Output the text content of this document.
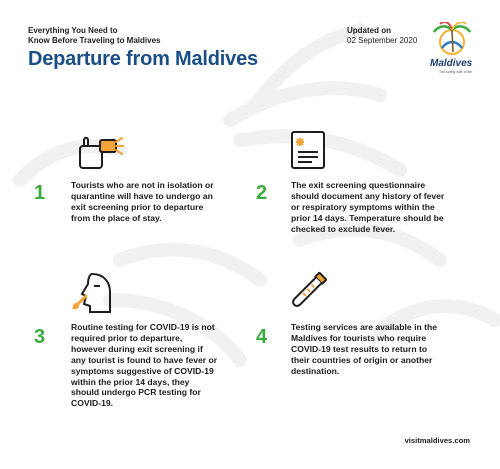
Everything You Need to
Know Before Traveling to Maldives
Departure from Maldives
Updated on
02 September 2020
Maldives
The sunny side of life
1	Tourists who are not in isolation or
quarantine will have to undergo an
exit screening prior to departure
from the place of stay.
2	The exit screening questionnaire
should document any history of fever
or respiratory symptoms within the
prior 14 days. Temperature should be
checked to exclude fever.
3	Routine testing for COVID-19 is not
required prior to departure,
however during exit screening if
any tourist is found to have fever or
symptoms suggestive of COVID-19
within the prior 14 days, they
should undergo PCR testing for
COVID-19.
4	Testing services are available in the
Maldives for tourists who require
COVID-19 test results to return to
their countries of origin or another
destination.
visitmaldives.com
